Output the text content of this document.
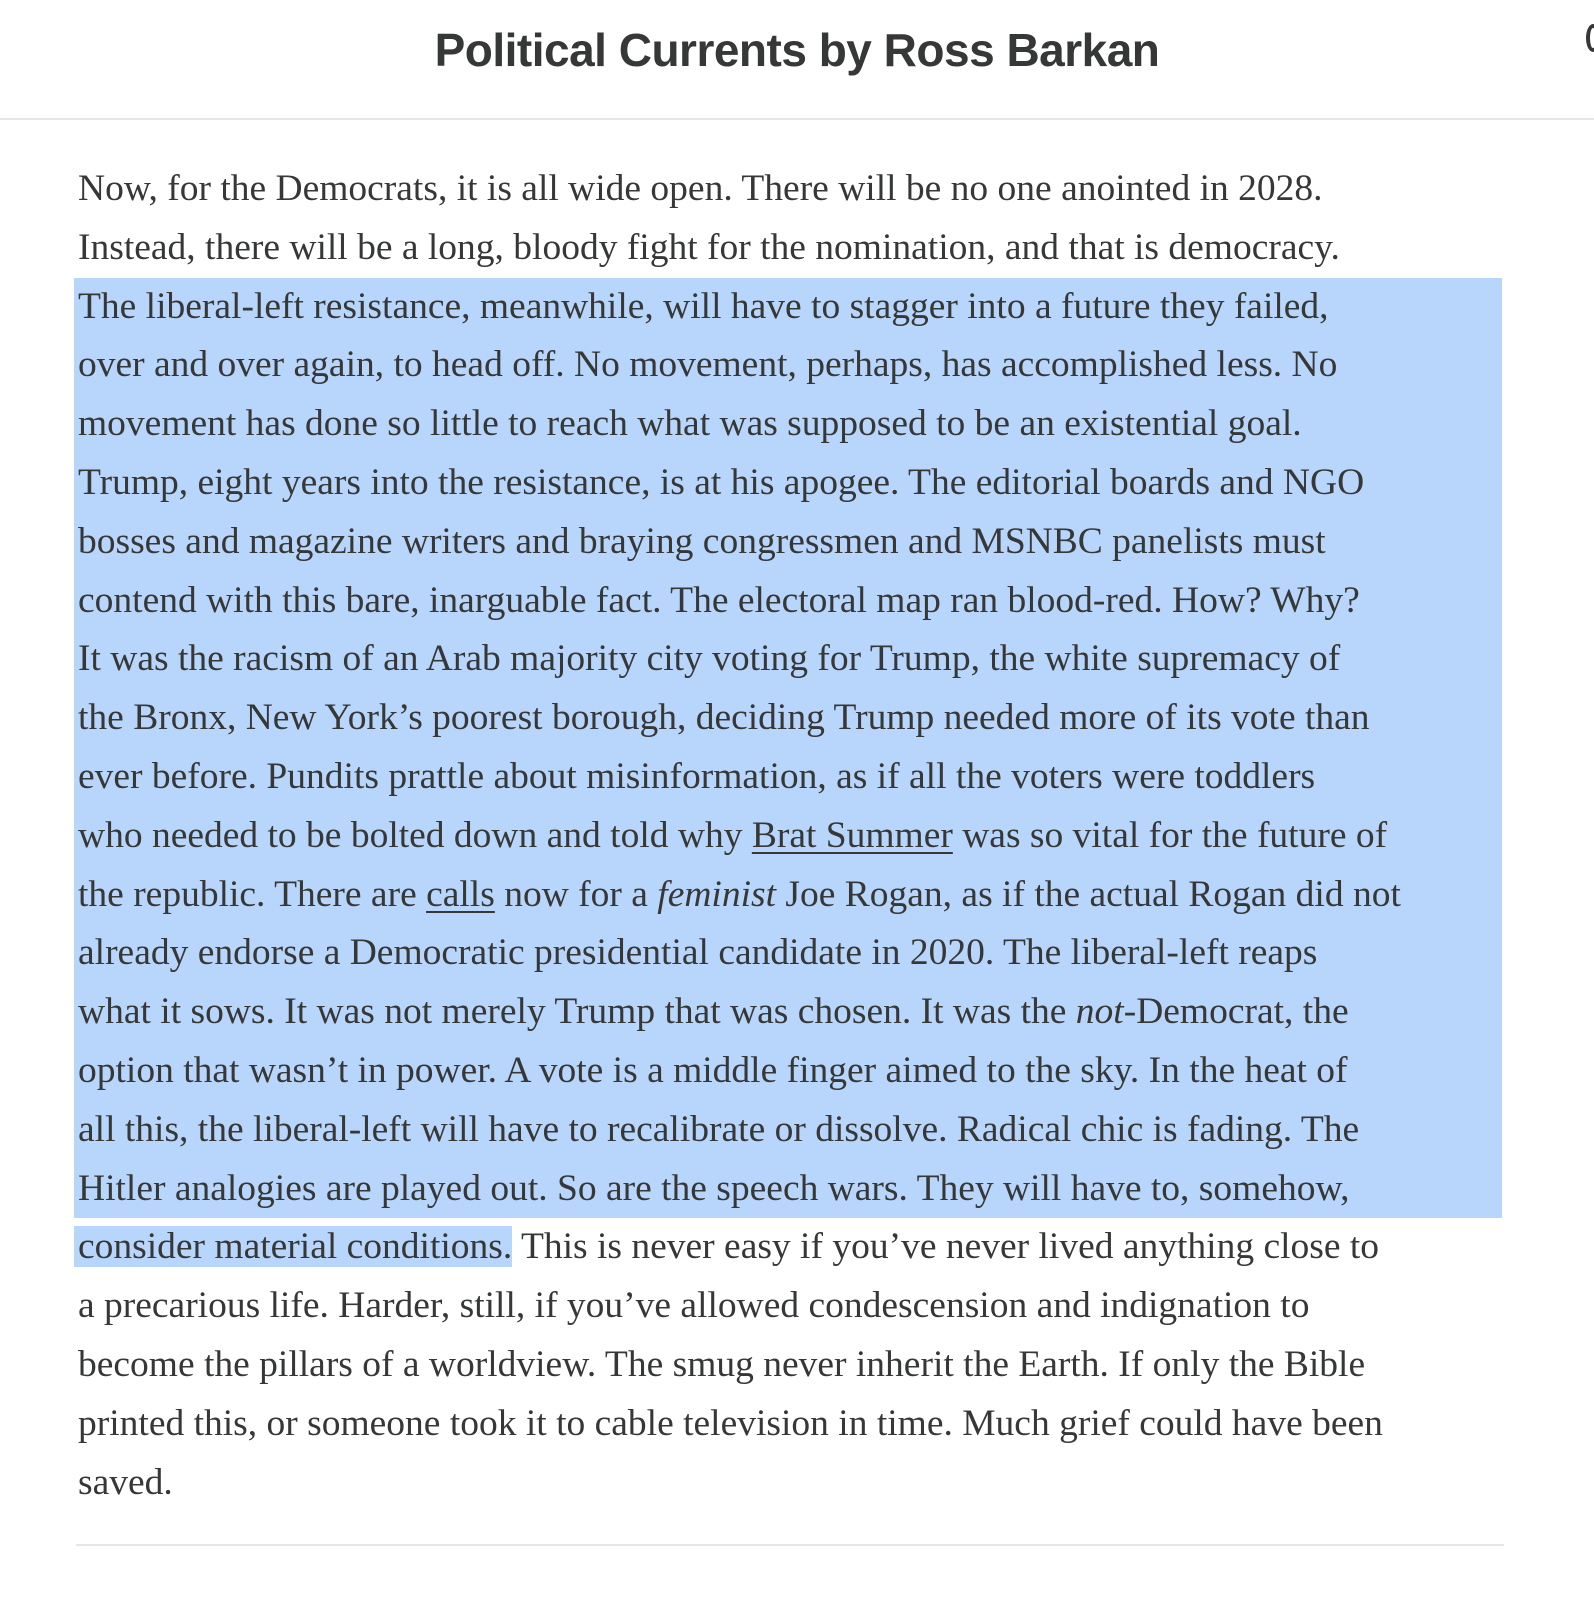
Political Currents by Ross Barkan
Now, for the Democrats, it is all wide open. There will be no one anointed in 2028.
Instead, there will be a long, bloody fight for the nomination, and that is democracy.
The liberal-left resistance, meanwhile, will have to stagger into a future they failed,
over and over again, to head off. No movement, perhaps, has accomplished less. No
movement has done so little to reach what was supposed to be an existential goal.
Trump, eight years into the resistance, is at his apogee. The editorial boards and NGO
bosses and magazine writers and braying congressmen and MSNBC panelists must
contend with this bare, inarguable fact. The electoral map ran blood-red. How? Why?
It was the racism of an Arab majority city voting for Trump, the white supremacy of
the Bronx, New York’s poorest borough, deciding Trump needed more of its vote than
ever before. Pundits prattle about misinformation, as if all the voters were toddlers
who needed to be bolted down and told why Brat Summer was so vital for the future of
the republic. There are calls now for a feminist Joe Rogan, as if the actual Rogan did not
already endorse a Democratic presidential candidate in 2020. The liberal-left reaps
what it sows. It was not merely Trump that was chosen. It was the not-Democrat, the
option that wasn’t in power. A vote is a middle finger aimed to the sky. In the heat of
all this, the liberal-left will have to recalibrate or dissolve. Radical chic is fading. The
Hitler analogies are played out. So are the speech wars. They will have to, somehow,
consider material conditions. This is never easy if you’ve never lived anything close to
a precarious life. Harder, still, if you’ve allowed condescension and indignation to
become the pillars of a worldview. The smug never inherit the Earth. If only the Bible
printed this, or someone took it to cable television in time. Much grief could have been
saved.
